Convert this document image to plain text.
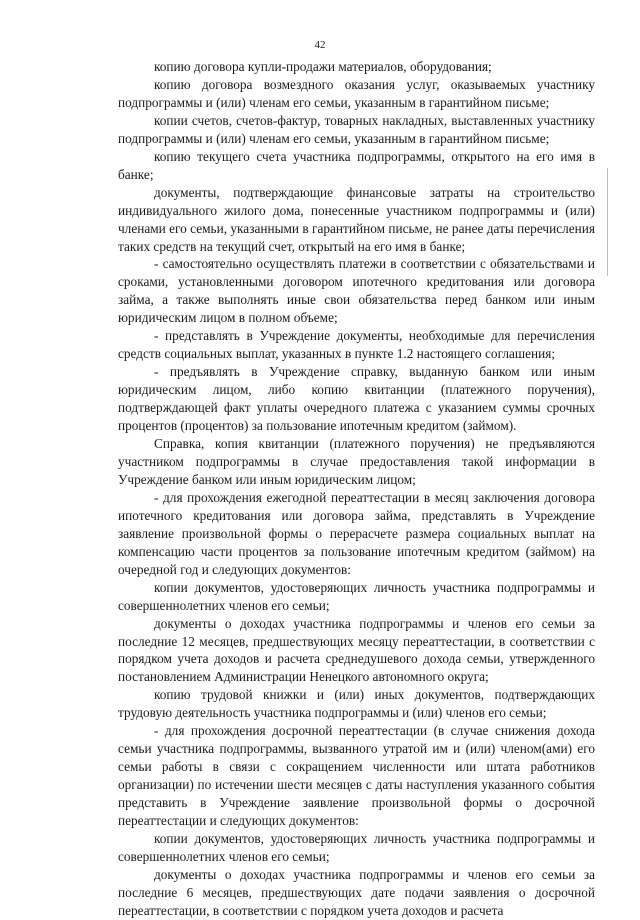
42

копию договора купли-продажи материалов, оборудования;

копию договора возмездного оказания услуг, оказываемых участнику подпрограммы и (или) членам его семьи, указанным в гарантийном письме;

копии счетов, счетов-фактур, товарных накладных, выставленных участнику подпрограммы и (или) членам его семьи, указанным в гарантийном письме;

копию текущего счета участника подпрограммы, открытого на его имя в банке;

документы, подтверждающие финансовые затраты на строительство индивидуального жилого дома, понесенные участником подпрограммы и (или) членами его семьи, указанными в гарантийном письме, не ранее даты перечисления таких средств на текущий счет, открытый на его имя в банке;

- самостоятельно осуществлять платежи в соответствии с обязательствами и сроками, установленными договором ипотечного кредитования или договора займа, а также выполнять иные свои обязательства перед банком или иным юридическим лицом в полном объеме;

- представлять в Учреждение документы, необходимые для перечисления средств социальных выплат, указанных в пункте 1.2 настоящего соглашения;

- предъявлять в Учреждение справку, выданную банком или иным юридическим лицом, либо копию квитанции (платежного поручения), подтверждающей факт уплаты очередного платежа с указанием суммы срочных процентов (процентов) за пользование ипотечным кредитом (займом).

Справка, копия квитанции (платежного поручения) не предъявляются участником подпрограммы в случае предоставления такой информации в Учреждение банком или иным юридическим лицом;

- для прохождения ежегодной переаттестации в месяц заключения договора ипотечного кредитования или договора займа, представлять в Учреждение заявление произвольной формы о перерасчете размера социальных выплат на компенсацию части процентов за пользование ипотечным кредитом (займом) на очередной год и следующих документов:

копии документов, удостоверяющих личность участника подпрограммы и совершеннолетних членов его семьи;

документы о доходах участника подпрограммы и членов его семьи за последние 12 месяцев, предшествующих месяцу переаттестации, в соответствии с порядком учета доходов и расчета среднедушевого дохода семьи, утвержденного постановлением Администрации Ненецкого автономного округа;

копию трудовой книжки и (или) иных документов, подтверждающих трудовую деятельность участника подпрограммы и (или) членов его семьи;

- для прохождения досрочной переаттестации (в случае снижения дохода семьи участника подпрограммы, вызванного утратой им и (или) членом(ами) его семьи работы в связи с сокращением численности или штата работников организации) по истечении шести месяцев с даты наступления указанного события представить в Учреждение заявление произвольной формы о досрочной переаттестации и следующих документов:

копии документов, удостоверяющих личность участника подпрограммы и совершеннолетних членов его семьи;

документы о доходах участника подпрограммы и членов его семьи за последние 6 месяцев, предшествующих дате подачи заявления о досрочной переаттестации, в соответствии с порядком учета доходов и расчета
